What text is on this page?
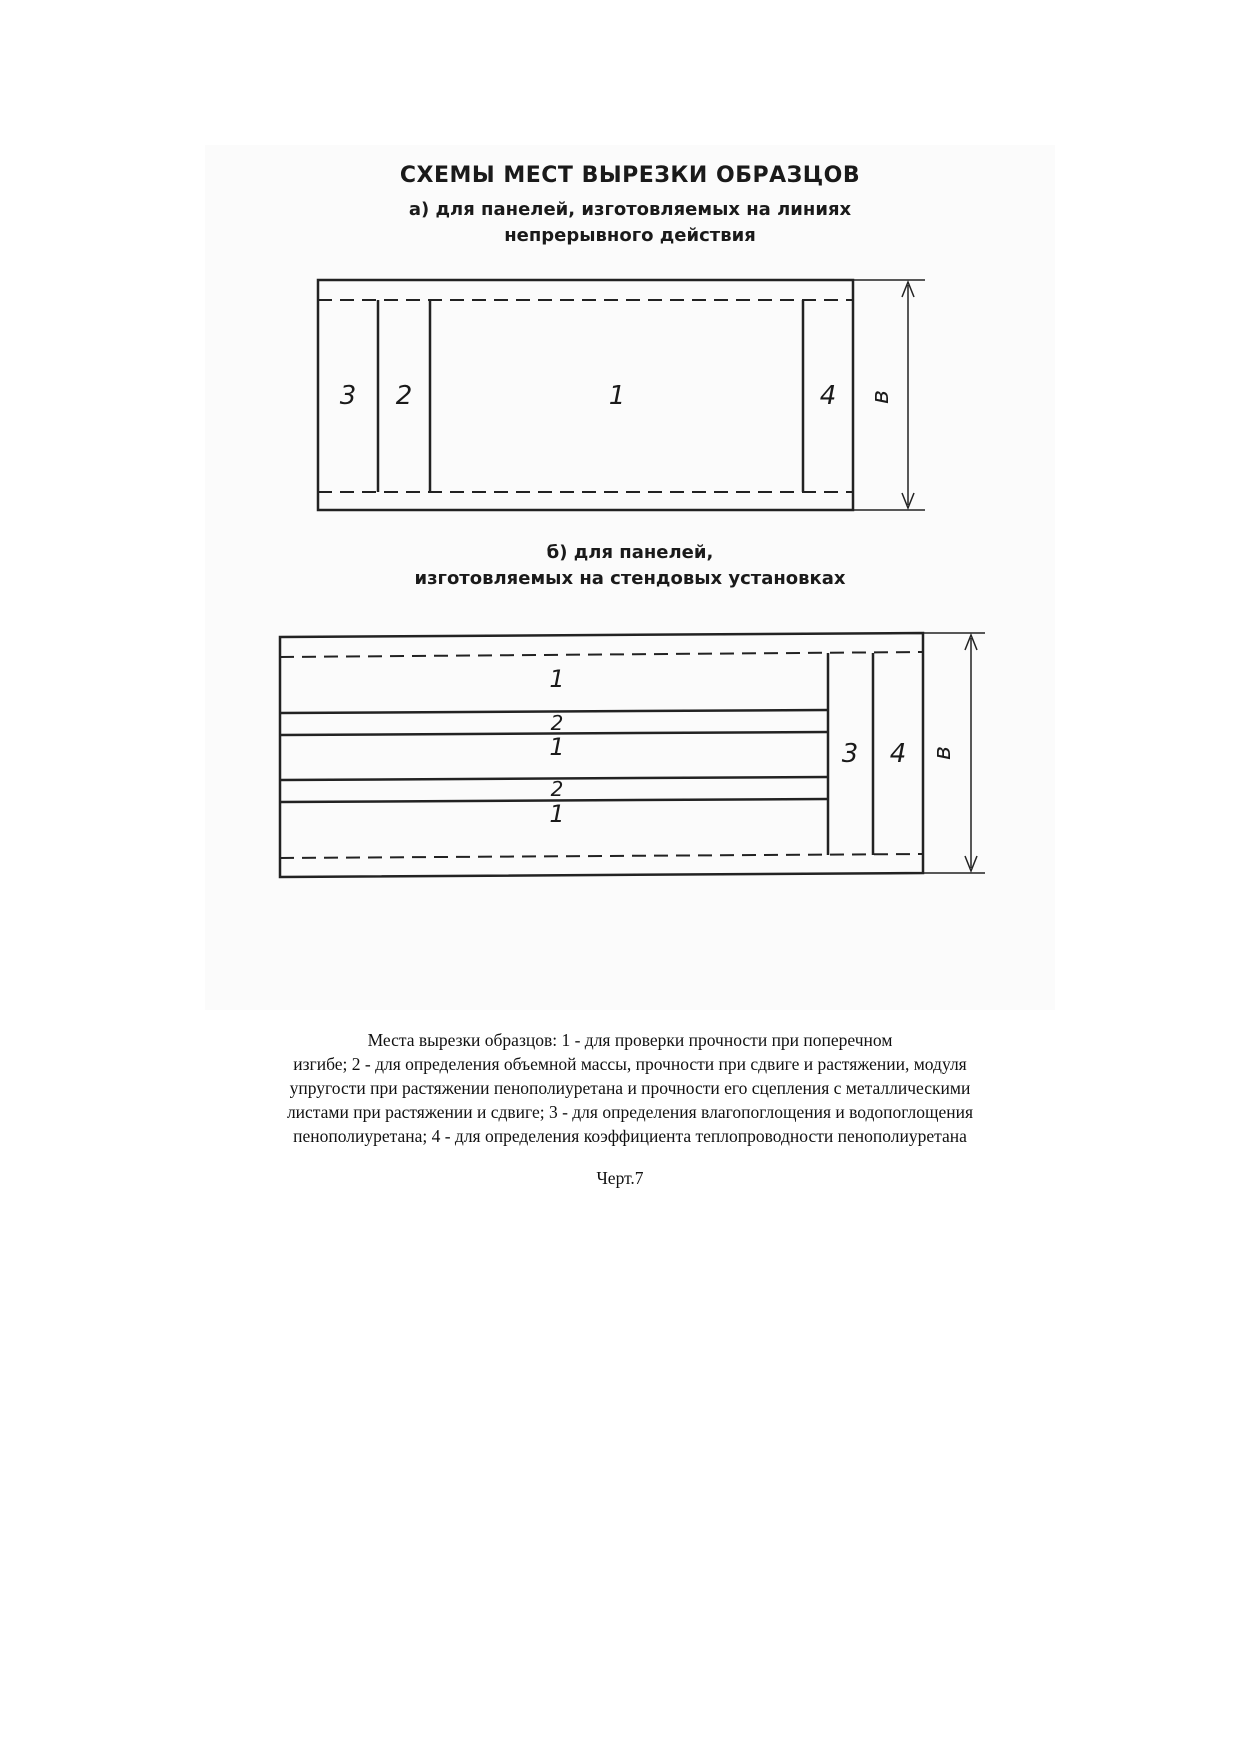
СХЕМЫ МЕСТ ВЫРЕЗКИ ОБРАЗЦОВ
а) для панелей, изготовляемых на линиях
непрерывного действия
б) для панелей,
изготовляемых на стендовых установках
3 2	1	4 в
1
2
1
2
1
3 4 в
Места вырезки образцов: 1 - для проверки прочности при поперечном
изгибе; 2 - для определения объемной массы, прочности при сдвиге и растяжении, модуля
упругости при растяжении пенополиуретана и прочности его сцепления с металлическими
листами при растяжении и сдвиге; 3 - для определения влагопоглощения и водопоглощения
пенополиуретана; 4 - для определения коэффициента теплопроводности пенополиуретана
Черт.7
